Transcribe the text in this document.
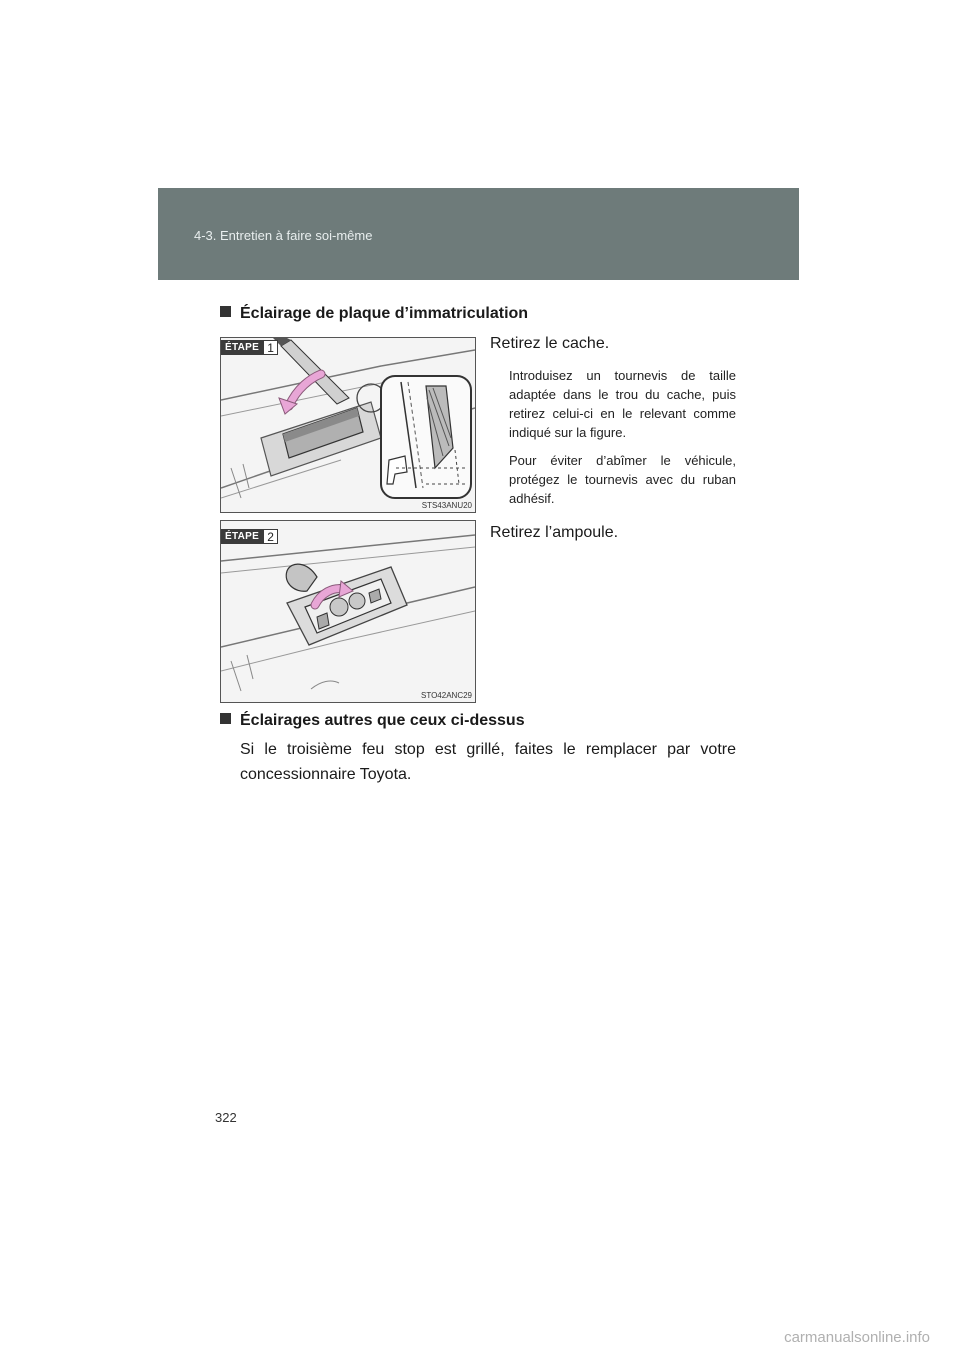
4-3. Entretien à faire soi-même
Éclairage de plaque d’immatriculation
ÉTAPE 1
STS43ANU20
Retirez le cache.
Introduisez un tournevis de taille adaptée dans le trou du cache, puis retirez celui-ci en le relevant comme indiqué sur la figure.
Pour éviter d’abîmer le véhicule, protégez le tournevis avec du ruban adhésif.
ÉTAPE 2
STO42ANC29
Retirez l’ampoule.
Éclairages autres que ceux ci-dessus
Si le troisième feu stop est grillé, faites le remplacer par votre concessionnaire Toyota.
322
carmanualsonline.info
